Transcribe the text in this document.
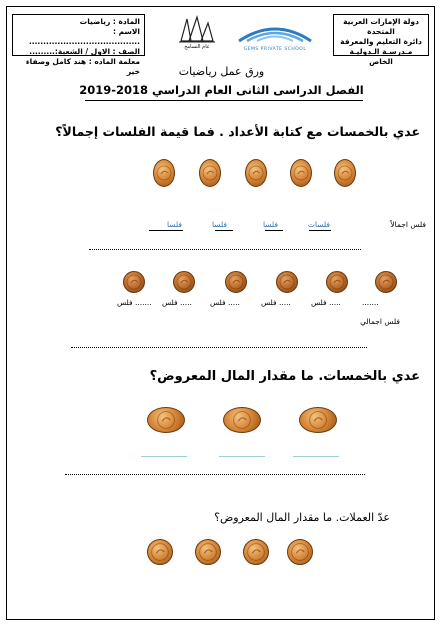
دولة الإمارات العربية
المتحدة
دائرة التعليم والمعرفة
مـدرسـة الـدوليـة الخاص
المادة : رياضيات
الاسم : .......................................
الصف : الاول / الشعبة:.........
معلمة الماده : هند كامل وصفاء خير
GEMS PRIVATE SCHOOL
عام التسامح
ورق عمل رياضيات
الفصل الدراسى الثانى العام الدراسي 2018-2019
عدي بالخمسات مع كتابة الأعداد . فما قيمة الفلسات إجمالاً؟
فلس اجمالاً
فلسات
فلسا
فلسا
فلسا
....... فلس ..... فلس ..... فلس	..... فلس	..... فلس	.......
فلس اجمالي
عدي بالخمسات. ما مقدار المال المعروض؟
عدّ العملات. ما مقدار المال المعروض؟
